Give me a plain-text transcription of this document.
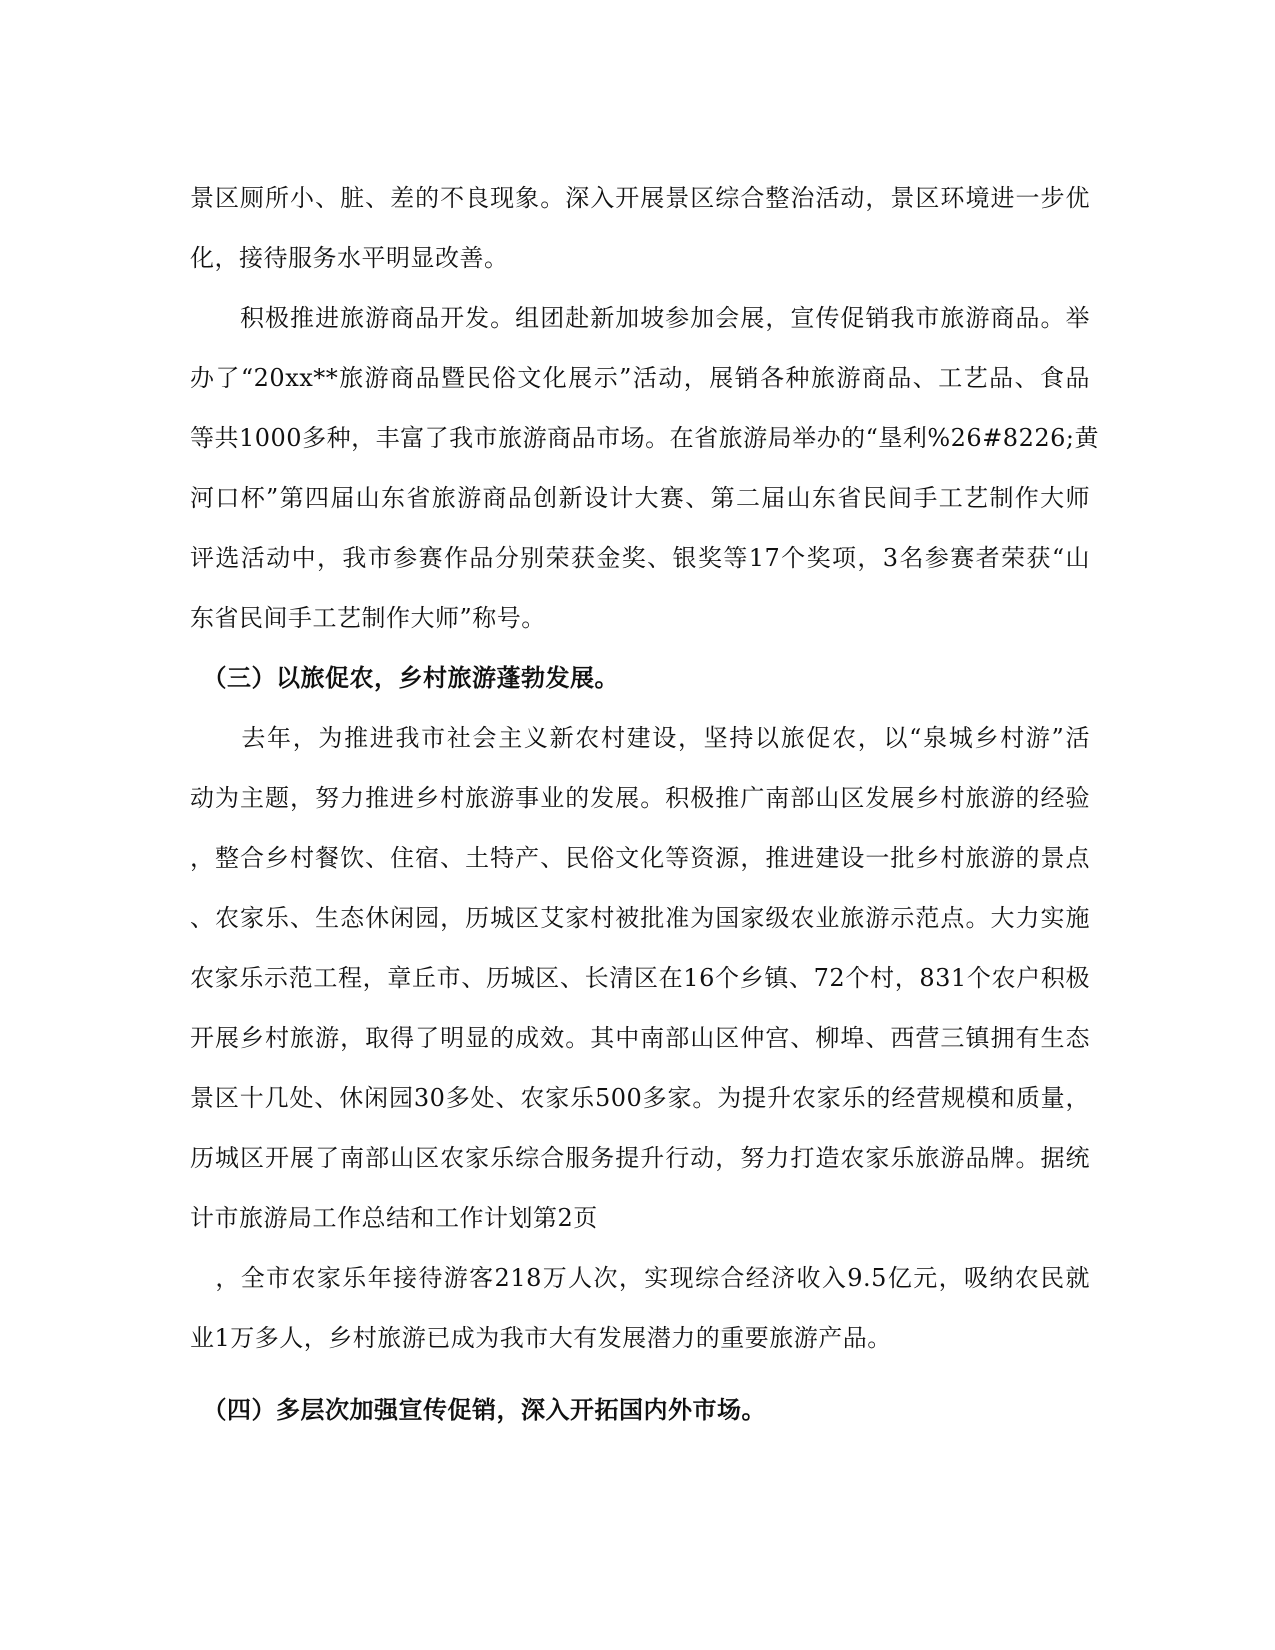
景区厕所小、脏、差的不良现象。深入开展景区综合整治活动，景区环境进一步优
化，接待服务水平明显改善。
　　积极推进旅游商品开发。组团赴新加坡参加会展，宣传促销我市旅游商品。举
办了“20xx**旅游商品暨民俗文化展示”活动，展销各种旅游商品、工艺品、食品
等共1000多种，丰富了我市旅游商品市场。在省旅游局举办的“垦利%26#8226;黄
河口杯”第四届山东省旅游商品创新设计大赛、第二届山东省民间手工艺制作大师
评选活动中，我市参赛作品分别荣获金奖、银奖等17个奖项，3名参赛者荣获“山
东省民间手工艺制作大师”称号。
　（三）以旅促农，乡村旅游蓬勃发展。
　　去年，为推进我市社会主义新农村建设，坚持以旅促农，以“泉城乡村游”活
动为主题，努力推进乡村旅游事业的发展。积极推广南部山区发展乡村旅游的经验
，整合乡村餐饮、住宿、土特产、民俗文化等资源，推进建设一批乡村旅游的景点
、农家乐、生态休闲园，历城区艾家村被批准为国家级农业旅游示范点。大力实施
农家乐示范工程，章丘市、历城区、长清区在16个乡镇、72个村，831个农户积极
开展乡村旅游，取得了明显的成效。其中南部山区仲宫、柳埠、西营三镇拥有生态
景区十几处、休闲园30多处、农家乐500多家。为提升农家乐的经营规模和质量，
历城区开展了南部山区农家乐综合服务提升行动，努力打造农家乐旅游品牌。据统
计市旅游局工作总结和工作计划第2页
　，全市农家乐年接待游客218万人次，实现综合经济收入9.5亿元，吸纳农民就
业1万多人，乡村旅游已成为我市大有发展潜力的重要旅游产品。
　（四）多层次加强宣传促销，深入开拓国内外市场。
